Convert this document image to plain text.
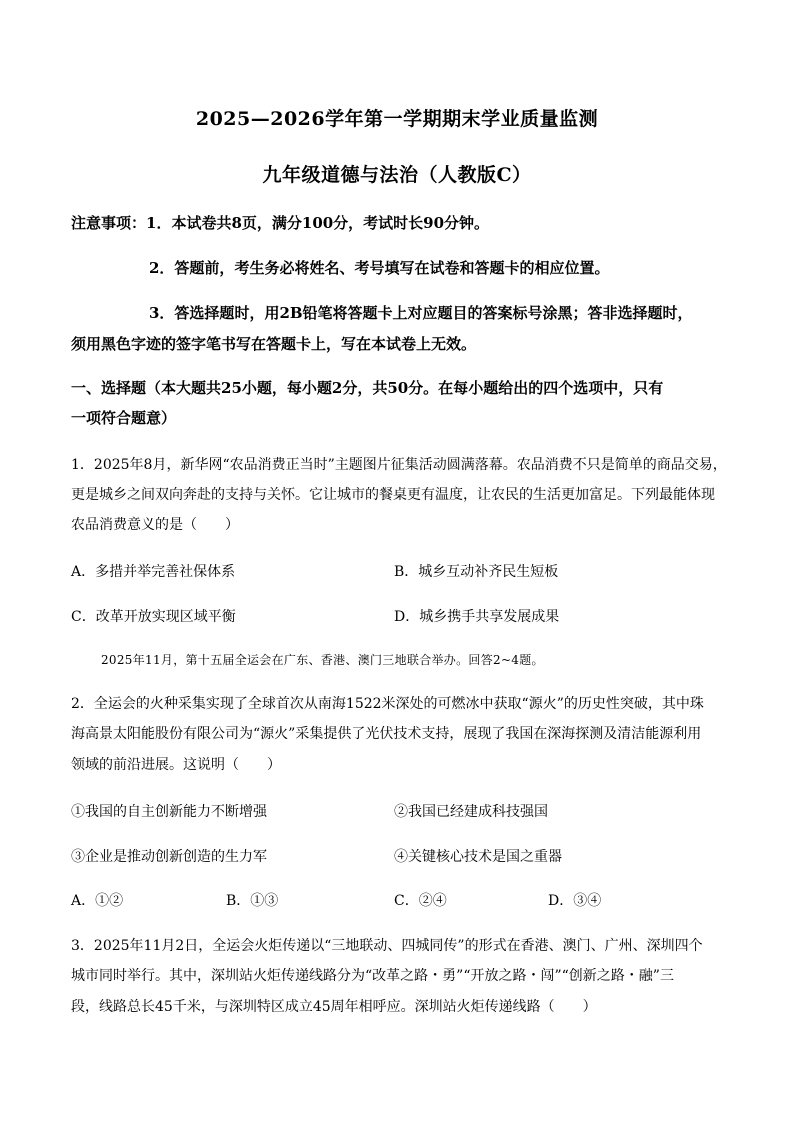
2025—2026学年第一学期期末学业质量监测
九年级道德与法治（人教版C）
注意事项：1．本试卷共8页，满分100分，考试时长90分钟。
2．答题前，考生务必将姓名、考号填写在试卷和答题卡的相应位置。
3．答选择题时，用2B铅笔将答题卡上对应题目的答案标号涂黑；答非选择题时，
须用黑色字迹的签字笔书写在答题卡上，写在本试卷上无效。
一、选择题（本大题共25小题，每小题2分，共50分。在每小题给出的四个选项中，只有
一项符合题意）
1．2025年8月，新华网“农品消费正当时”主题图片征集活动圆满落幕。农品消费不只是简单的商品交易，
更是城乡之间双向奔赴的支持与关怀。它让城市的餐桌更有温度，让农民的生活更加富足。下列最能体现
农品消费意义的是（　　）
A．多措并举完善社保体系	B．城乡互动补齐民生短板
C．改革开放实现区域平衡	D．城乡携手共享发展成果
2025年11月，第十五届全运会在广东、香港、澳门三地联合举办。回答2~4题。
2．全运会的火种采集实现了全球首次从南海1522米深处的可燃冰中获取“源火”的历史性突破，其中珠
海高景太阳能股份有限公司为“源火”采集提供了光伏技术支持，展现了我国在深海探测及清洁能源利用
领域的前沿进展。这说明（　　）
①我国的自主创新能力不断增强	②我国已经建成科技强国
③企业是推动创新创造的生力军	④关键核心技术是国之重器
A．①②	B．①③	C．②④	D．③④
3．2025年11月2日，全运会火炬传递以“三地联动、四城同传”的形式在香港、澳门、广州、深圳四个
城市同时举行。其中，深圳站火炬传递线路分为“改革之路・勇”“开放之路・闯”“创新之路・融”三
段，线路总长45千米，与深圳特区成立45周年相呼应。深圳站火炬传递线路（　　）
